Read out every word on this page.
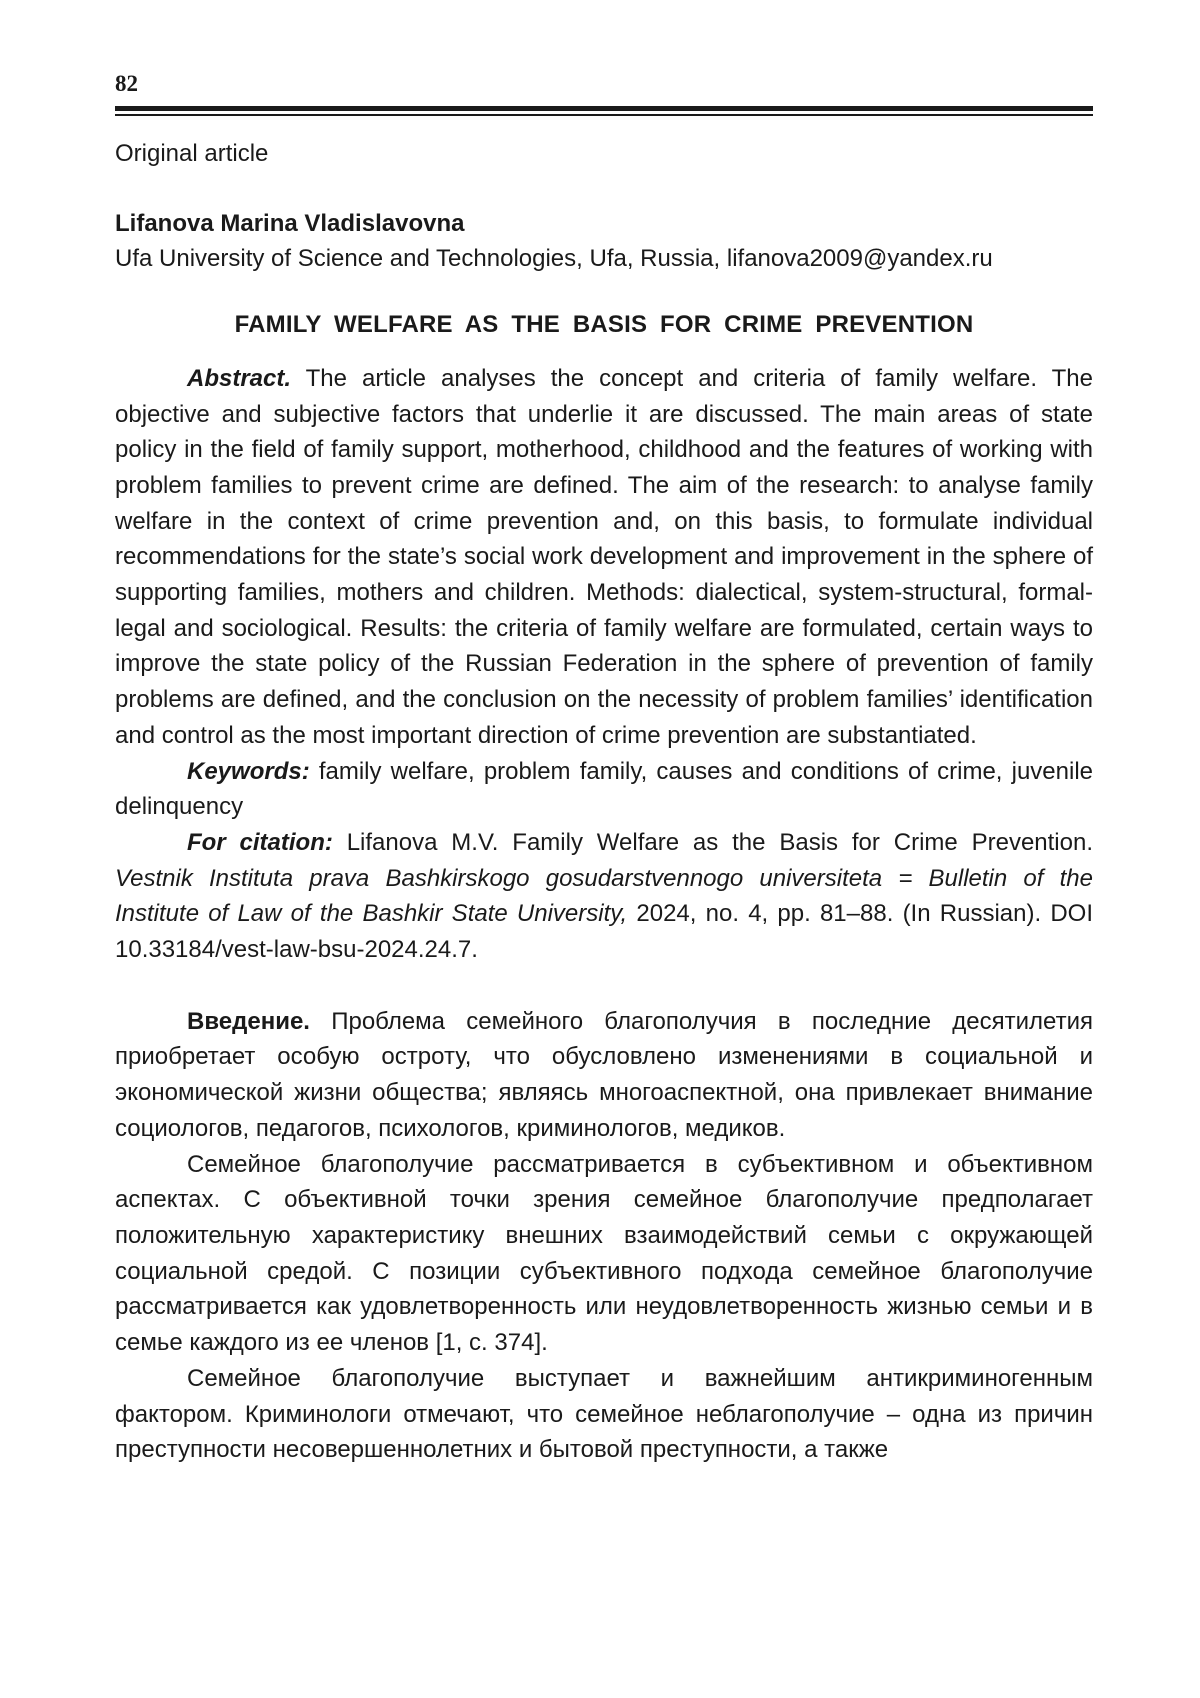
82

Original article
Lifanova Marina Vladislavovna
Ufa University of Science and Technologies, Ufa, Russia, lifanova2009@yandex.ru
FAMILY WELFARE AS THE BASIS FOR CRIME PREVENTION

Abstract. The article analyses the concept and criteria of family welfare. The objective and subjective factors that underlie it are discussed. The main areas of state policy in the field of family support, motherhood, childhood and the features of working with problem families to prevent crime are defined. The aim of the research: to analyse family welfare in the context of crime prevention and, on this basis, to formulate individual recommendations for the state’s social work development and improvement in the sphere of supporting families, mothers and children. Methods: dialectical, system-structural, formal-legal and sociological. Results: the criteria of family welfare are formulated, certain ways to improve the state policy of the Russian Federation in the sphere of prevention of family problems are defined, and the conclusion on the necessity of problem families’ identification and control as the most important direction of crime prevention are substantiated.

Keywords: family welfare, problem family, causes and conditions of crime, juvenile delinquency

For citation: Lifanova M.V. Family Welfare as the Basis for Crime Prevention. Vestnik Instituta prava Bashkirskogo gosudarstvennogo universiteta = Bulletin of the Institute of Law of the Bashkir State University, 2024, no. 4, pp. 81–88. (In Russian). DOI 10.33184/vest-law-bsu-2024.24.7.

Введение. Проблема семейного благополучия в последние десятилетия приобретает особую остроту, что обусловлено изменениями в социальной и экономической жизни общества; являясь многоаспектной, она привлекает внимание социологов, педагогов, психологов, криминологов, медиков.

Семейное благополучие рассматривается в субъективном и объективном аспектах. С объективной точки зрения семейное благополучие предполагает положительную характеристику внешних взаимодействий семьи с окружающей социальной средой. С позиции субъективного подхода семейное благополучие рассматривается как удовлетворенность или неудовлетворенность жизнью семьи и в семье каждого из ее членов [1, с. 374].

Семейное благополучие выступает и важнейшим антикриминогенным фактором. Криминологи отмечают, что семейное неблагополучие – одна из причин преступности несовершеннолетних и бытовой преступности, а также
